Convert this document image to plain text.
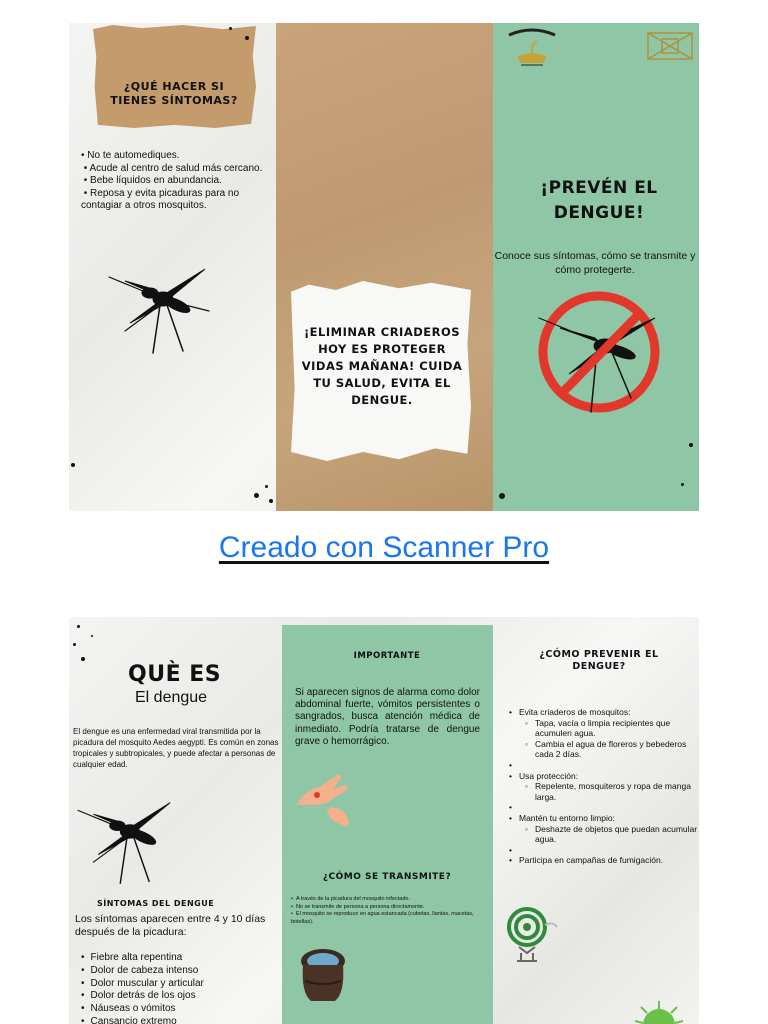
¿QUÉ HACER SI TIENES SÍNTOMAS?
• No te automediques.
• Acude al centro de salud más cercano.
• Bebe líquidos en abundancia.
• Reposa y evita picaduras para no contagiar a otros mosquitos.
¡ELIMINAR CRIADEROS HOY ES PROTEGER VIDAS MAÑANA! CUIDA TU SALUD, EVITA EL DENGUE.
¡PREVÉN EL DENGUE!
Conoce sus síntomas, cómo se transmite y cómo protegerte.
Creado con Scanner Pro
QUÈ ES
El dengue
El dengue es una enfermedad viral transmitida por la picadura del mosquito Aedes aegypti. Es común en zonas tropicales y subtropicales, y puede afectar a personas de cualquier edad.
SÍNTOMAS DEL DENGUE
Los síntomas aparecen entre 4 y 10 días después de la picadura:
• Fiebre alta repentina
• Dolor de cabeza intenso
• Dolor muscular y articular
• Dolor detrás de los ojos
• Náuseas o vómitos
• Cansancio extremo
IMPORTANTE
Si aparecen signos de alarma como dolor abdominal fuerte, vómitos persistentes o sangrados, busca atención médica de inmediato. Podría tratarse de dengue grave o hemorrágico.
¿CÓMO SE TRANSMITE?
• A través de la picadura del mosquito infectado.
• No se transmite de persona a persona directamente.
• El mosquito se reproduce en agua estancada (cubetas, llantas, macetas, botellas).
¿CÓMO PREVENIR EL DENGUE?
• Evita criaderos de mosquitos:
◦ Tapa, vacía o limpia recipientes que acumulen agua.
◦ Cambia el agua de floreros y bebederos cada 2 días.
•
• Usa protección:
◦ Repelente, mosquiteros y ropa de manga larga.
•
• Mantén tu entorno limpio:
◦ Deshazte de objetos que puedan acumular agua.
•
• Participa en campañas de fumigación.
